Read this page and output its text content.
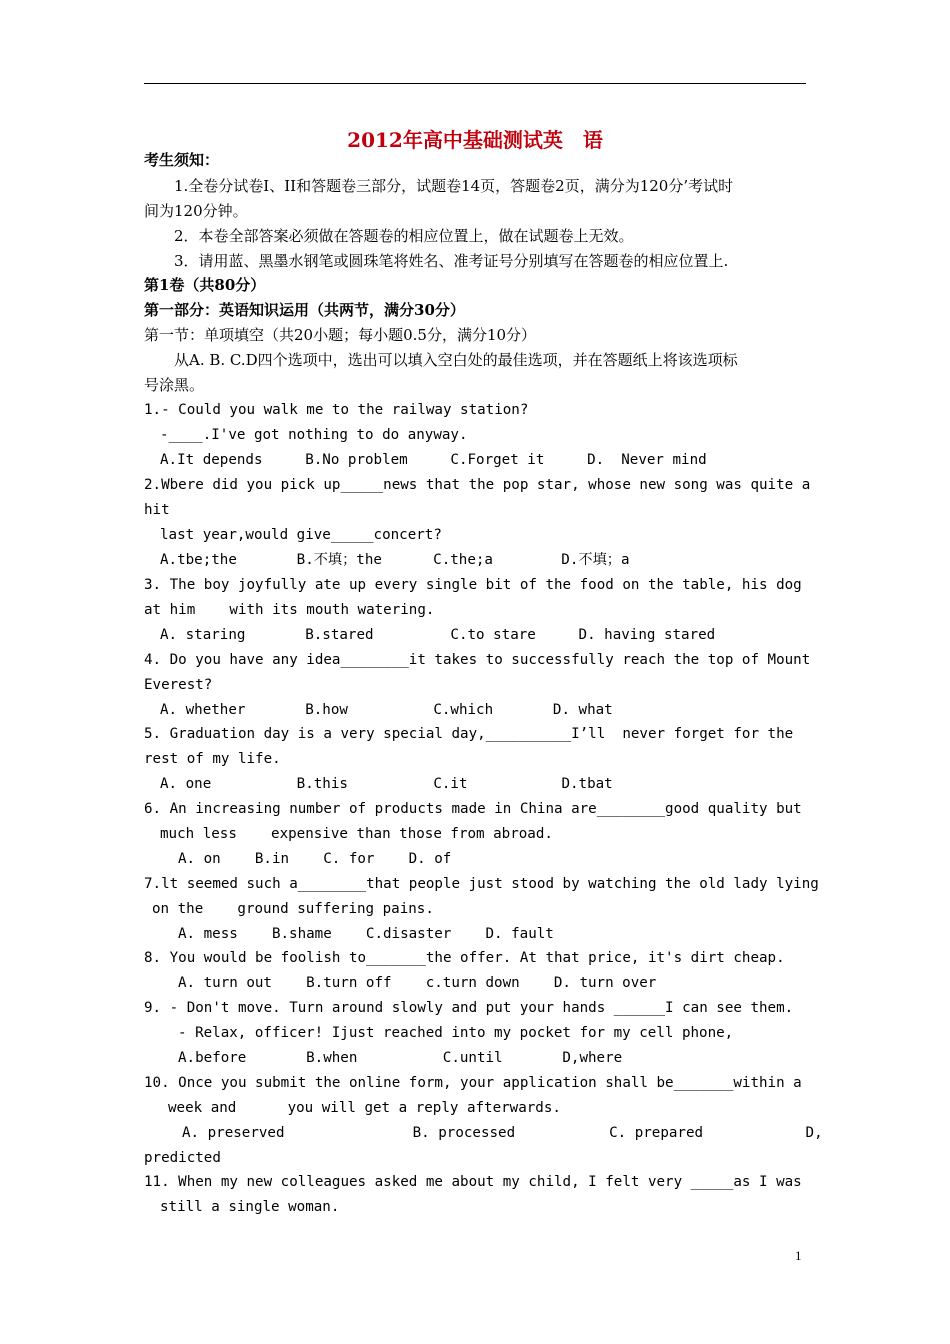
2012年高中基础测试英　语
考生须知：
1.全卷分试卷I、II和答题卷三部分，试题卷14页，答题卷2页，满分为120分’考试时
间为120分钟。
2．本卷全部答案必须做在答题卷的相应位置上，做在试题卷上无效。
3．请用蓝、黑墨水钢笔或圆珠笔将姓名、准考证号分别填写在答题卷的相应位置上.
第1卷（共80分）
第一部分：英语知识运用（共两节，满分30分）
第一节：单项填空（共20小题；每小题0.5分，满分10分）
从A. B. C.D四个选项中，选出可以填入空白处的最佳选项，并在答题纸上将该选项标
号涂黑。
1.- Could you walk me to the railway station?
-____.I've got nothing to do anyway.
A.It depends     B.No problem     C.Forget it     D.  Never mind
2.Wbere did you pick up_____news that the pop star, whose new song was quite a
hit
last year,would give_____concert?
A.tbe;the       B.不填；the      C.the;a        D.不填；a
3. The boy joyfully ate up every single bit of the food on the table, his dog
at him    with its mouth watering.
A. staring       B.stared         C.to stare     D. having stared
4. Do you have any idea________it takes to successfully reach the top of Mount
Everest?
A. whether       B.how          C.which       D. what
5. Graduation day is a very special day,__________I’ll  never forget for the
rest of my life.
A. one          B.this          C.it           D.tbat
6. An increasing number of products made in China are________good quality but
much less    expensive than those from abroad.
A. on    B.in    C. for    D. of
7.lt seemed such a________that people just stood by watching the old lady lying
on the    ground suffering pains.
A. mess    B.shame    C.disaster    D. fault
8. You would be foolish to_______the offer. At that price, it's dirt cheap.
A. turn out    B.turn off    c.turn down    D. turn over
9. - Don't move. Turn around slowly and put your hands ______I can see them.
- Relax, officer! Ijust reached into my pocket for my cell phone,
A.before       B.when          C.until       D,where
10. Once you submit the online form, your application shall be_______within a
week and      you will get a reply afterwards.
A. preserved               B. processed           C. prepared            D,
predicted
11. When my new colleagues asked me about my child, I felt very _____as I was
still a single woman.
1
